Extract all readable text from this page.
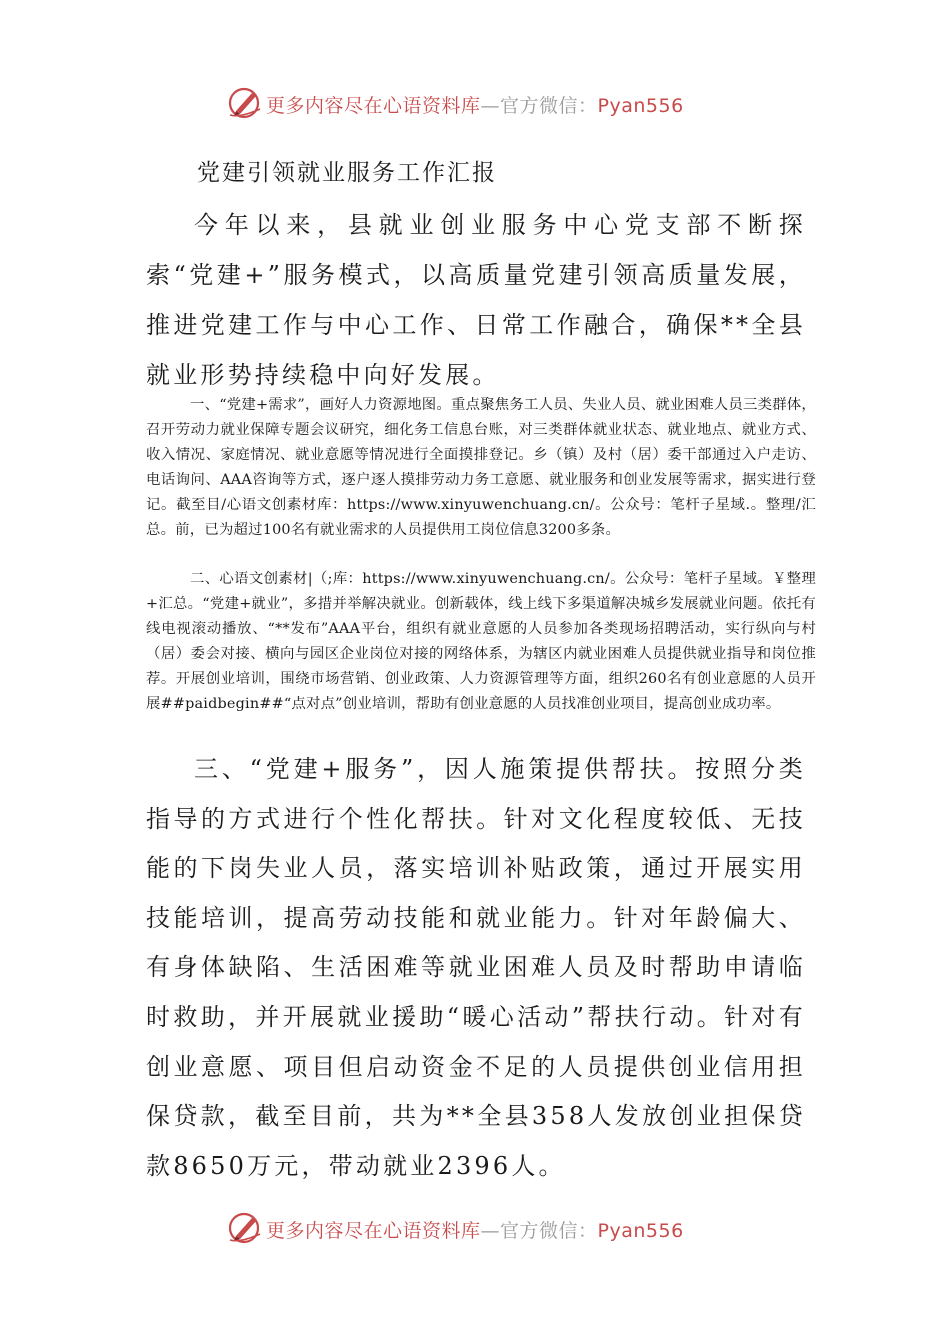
更多内容尽在心语资料库—官方微信：Pyan556
党建引领就业服务工作汇报

今年以来，县就业创业服务中心党支部不断探索“党建+”服务模式，以高质量党建引领高质量发展，推进党建工作与中心工作、日常工作融合，确保**全县就业形势持续稳中向好发展。

一、“党建+需求”，画好人力资源地图。重点聚焦务工人员、失业人员、就业困难人员三类群体，召开劳动力就业保障专题会议研究，细化务工信息台账，对三类群体就业状态、就业地点、就业方式、收入情况、家庭情况、就业意愿等情况进行全面摸排登记。乡（镇）及村（居）委干部通过入户走访、电话询问、AAA咨询等方式，逐户逐人摸排劳动力务工意愿、就业服务和创业发展等需求，据实进行登记。截至目/心语文创素材库：https://www.xinyuwenchuang.cn/。公众号：笔杆子星域.。整理/汇总。前，已为超过100名有就业需求的人员提供用工岗位信息3200多条。

二、心语文创素材|（;库：https://www.xinyuwenchuang.cn/。公众号：笔杆子星域。￥整理+汇总。“党建+就业”，多措并举解决就业。创新载体，线上线下多渠道解决城乡发展就业问题。依托有线电视滚动播放、“**发布”AAA平台，组织有就业意愿的人员参加各类现场招聘活动，实行纵向与村（居）委会对接、横向与园区企业岗位对接的网络体系，为辖区内就业困难人员提供就业指导和岗位推荐。开展创业培训，围绕市场营销、创业政策、人力资源管理等方面，组织260名有创业意愿的人员开展##paidbegin##“点对点”创业培训，帮助有创业意愿的人员找准创业项目，提高创业成功率。

三、“党建+服务”，因人施策提供帮扶。按照分类指导的方式进行个性化帮扶。针对文化程度较低、无技能的下岗失业人员，落实培训补贴政策，通过开展实用技能培训，提高劳动技能和就业能力。针对年龄偏大、有身体缺陷、生活困难等就业困难人员及时帮助申请临时救助，并开展就业援助“暖心活动”帮扶行动。针对有创业意愿、项目但启动资金不足的人员提供创业信用担保贷款，截至目前，共为**全县358人发放创业担保贷款8650万元，带动就业2396人。

更多内容尽在心语资料库—官方微信：Pyan556
